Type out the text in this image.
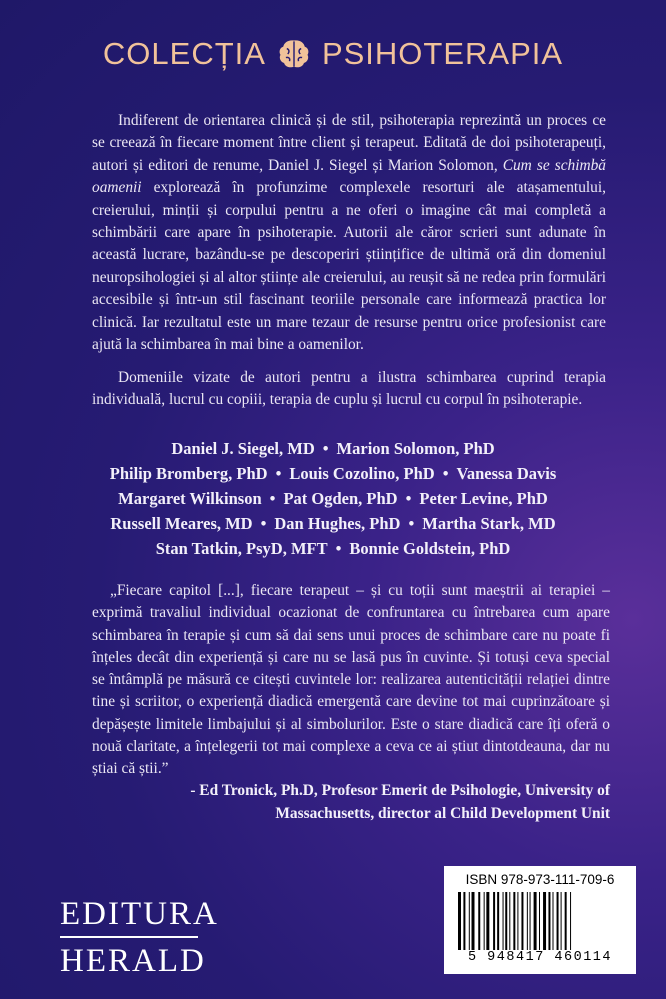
COLECȚIA PSIHOTERAPIA

Indiferent de orientarea clinică și de stil, psihoterapia reprezintă un proces ce se creează în fiecare moment între client și terapeut. Editată de doi psihoterapeuți, autori și editori de renume, Daniel J. Siegel și Marion Solomon, Cum se schimbă oamenii explorează în profunzime complexele resorturi ale atașamentului, creierului, minții și corpului pentru a ne oferi o imagine cât mai completă a schimbării care apare în psihoterapie. Autorii ale căror scrieri sunt adunate în această lucrare, bazându-se pe descoperiri științifice de ultimă oră din domeniul neuropsihologiei și al altor științe ale creierului, au reușit să ne redea prin formulări accesibile și într-un stil fascinant teoriile personale care informează practica lor clinică. Iar rezultatul este un mare tezaur de resurse pentru orice profesionist care ajută la schimbarea în mai bine a oamenilor.

Domeniile vizate de autori pentru a ilustra schimbarea cuprind terapia individuală, lucrul cu copiii, terapia de cuplu și lucrul cu corpul în psihoterapie.

Daniel J. Siegel, MD • Marion Solomon, PhD
Philip Bromberg, PhD • Louis Cozolino, PhD • Vanessa Davis
Margaret Wilkinson • Pat Ogden, PhD • Peter Levine, PhD
Russell Meares, MD • Dan Hughes, PhD • Martha Stark, MD
Stan Tatkin, PsyD, MFT • Bonnie Goldstein, PhD

„Fiecare capitol [...], fiecare terapeut – și cu toții sunt maeștrii ai terapiei – exprimă travaliul individual ocazionat de confruntarea cu întrebarea cum apare schimbarea în terapie și cum să dai sens unui proces de schimbare care nu poate fi înțeles decât din experiență și care nu se lasă pus în cuvinte. Și totuși ceva special se întâmplă pe măsură ce citești cuvintele lor: realizarea autenticității relației dintre tine și scriitor, o experiență diadică emergentă care devine tot mai cuprinzătoare și depășește limitele limbajului și al simbolurilor. Este o stare diadică care îți oferă o nouă claritate, a înțelegerii tot mai complexe a ceva ce ai știut dintotdeauna, dar nu știai că știi.”

- Ed Tronick, Ph.D, Profesor Emerit de Psihologie, University of
Massachusetts, director al Child Development Unit
EDITURA
HERALD
ISBN 978-973-111-709-6
5 948417 460114
